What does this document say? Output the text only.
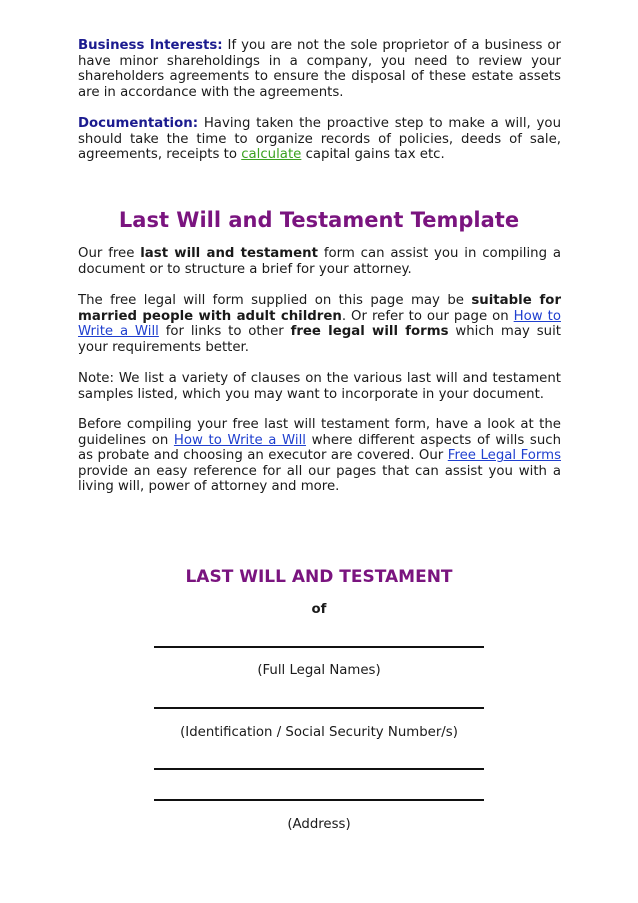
Business Interests: If you are not the sole proprietor of a business or have minor shareholdings in a company, you need to review your shareholders agreements to ensure the disposal of these estate assets are in accordance with the agreements.

Documentation: Having taken the proactive step to make a will, you should take the time to organize records of policies, deeds of sale, agreements, receipts to calculate capital gains tax etc.

Last Will and Testament Template

Our free last will and testament form can assist you in compiling a document or to structure a brief for your attorney.

The free legal will form supplied on this page may be suitable for married people with adult children. Or refer to our page on How to Write a Will for links to other free legal will forms which may suit your requirements better.

Note: We list a variety of clauses on the various last will and testament samples listed, which you may want to incorporate in your document.

Before compiling your free last will testament form, have a look at the guidelines on How to Write a Will where different aspects of wills such as probate and choosing an executor are covered. Our Free Legal Forms provide an easy reference for all our pages that can assist you with a living will, power of attorney and more.

LAST WILL AND TESTAMENT

of

(Full Legal Names)

(Identification / Social Security Number/s)

(Address)
